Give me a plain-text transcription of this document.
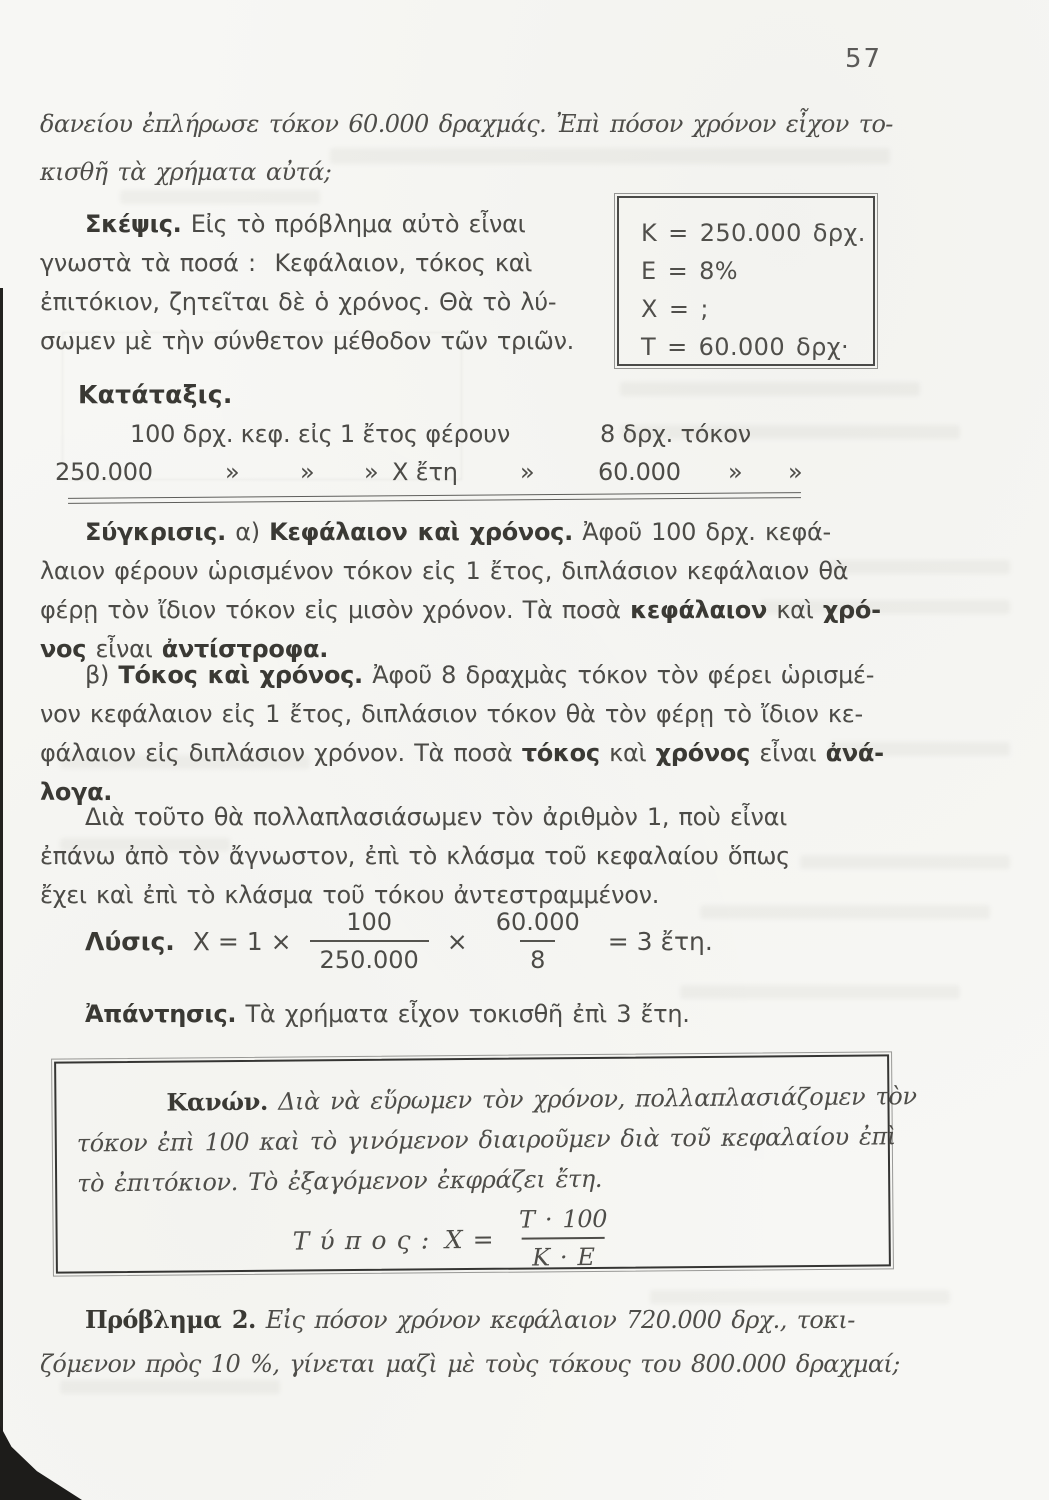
57
δανείου ἐπλήρωσε τόκον 60.000 δραχμάς. Ἐπὶ πόσον χρόνον εἶχον το-
κισθῆ τὰ χρήματα αὐτά;
K = 250.000 δρχ.
E = 8%
X = ;
T = 60.000 δρχ·
Σκέψις. Εἰς τὸ πρόβλημα αὐτὸ εἶναι
γνωστὰ τὰ ποσά :  Κεφάλαιον, τόκος καὶ
ἐπιτόκιον, ζητεῖται δὲ ὁ χρόνος. Θὰ τὸ λύ-
σωμεν μὲ τὴν σύνθετον μέθοδον τῶν τριῶν.
Κατάταξις.
100 δρχ. κεφ. εἰς 1 ἔτος φέρουν	8 δρχ. τόκον
250.000	»	» » Χ ἔτη	»	60.000 » »
Σύγκρισις. α) Κεφάλαιον καὶ χρόνος. Ἀφοῦ 100 δρχ. κεφά-
λαιον φέρουν ὡρισμένον τόκον εἰς 1 ἔτος, διπλάσιον κεφάλαιον θὰ
φέρῃ τὸν ἴδιον τόκον εἰς μισὸν χρόνον. Τὰ ποσὰ κεφάλαιον καὶ χρό-
νος εἶναι ἀντίστροφα.
β) Τόκος καὶ χρόνος. Ἀφοῦ 8 δραχμὰς τόκον τὸν φέρει ὡρισμέ-
νον κεφάλαιον εἰς 1 ἔτος, διπλάσιον τόκον θὰ τὸν φέρῃ τὸ ἴδιον κε-
φάλαιον εἰς διπλάσιον χρόνον. Τὰ ποσὰ τόκος καὶ χρόνος εἶναι ἀνά-
λογα.
Διὰ τοῦτο θὰ πολλαπλασιάσωμεν τὸν ἀριθμὸν 1, ποὺ εἶναι
ἐπάνω ἀπὸ τὸν ἄγνωστον, ἐπὶ τὸ κλάσμα τοῦ κεφαλαίου ὅπως
ἔχει καὶ ἐπὶ τὸ κλάσμα τοῦ τόκου ἀντεστραμμένον.
Λύσις. $X = 1 \times \frac{100}{250.000} \times \frac{60.000}{8} = 3$ ἔτη.
Ἀπάντησις. Τὰ χρήματα εἶχον τοκισθῆ ἐπὶ 3 ἔτη.
Κανών. Διὰ νὰ εὕρωμεν τὸν χρόνον, πολλαπλασιάζομεν τὸν
τόκον ἐπὶ 100 καὶ τὸ γινόμενον διαιροῦμεν διὰ τοῦ κεφαλαίου ἐπὶ
τὸ ἐπιτόκιον. Τὸ ἐξαγόμενον ἐκφράζει ἔτη.
Τ ύ π ο ς : $X = \frac{T \cdot 100}{K \cdot E}$
Πρόβλημα 2. Εἰς πόσον χρόνον κεφάλαιον 720.000 δρχ., τοκι-
ζόμενον πρὸς 10 %, γίνεται μαζὶ μὲ τοὺς τόκους του 800.000 δραχμαί;
